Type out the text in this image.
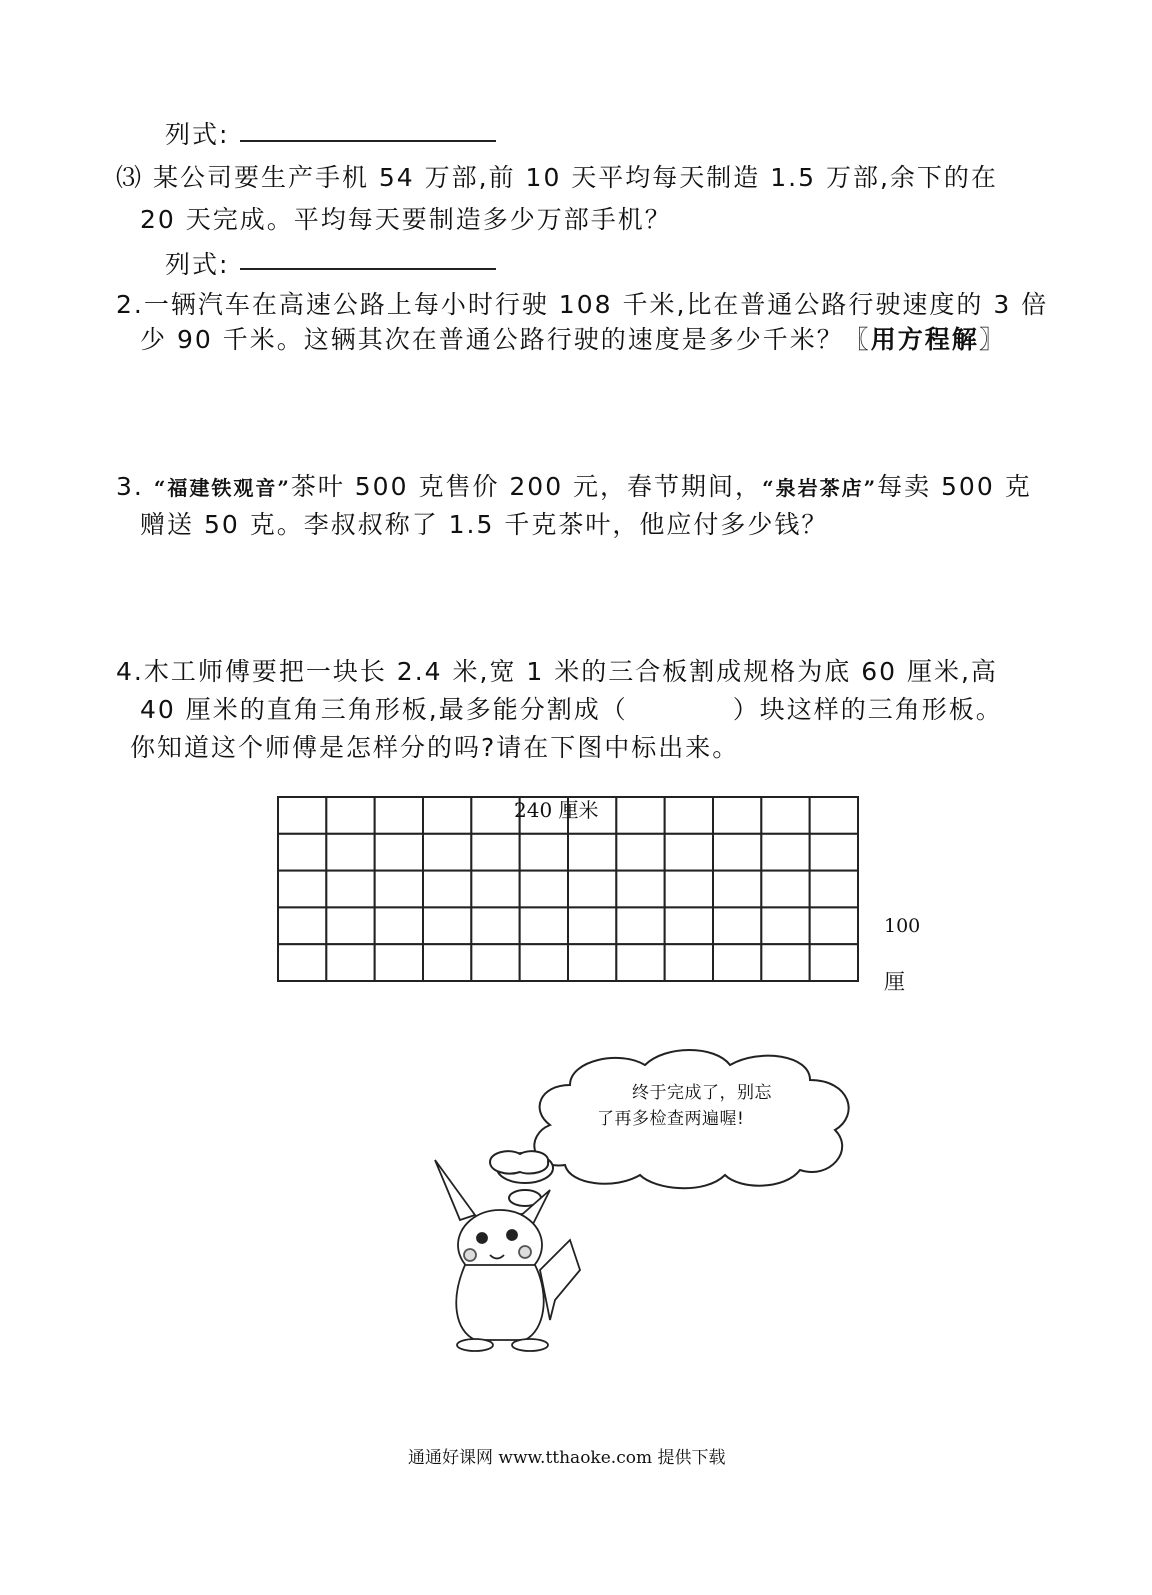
列式:
⑶ 某公司要生产手机 54 万部,前 10 天平均每天制造 1.5 万部,余下的在
20 天完成。平均每天要制造多少万部手机？
列式:
2.一辆汽车在高速公路上每小时行驶 108 千米,比在普通公路行驶速度的 3 倍
少 90 千米。这辆其次在普通公路行驶的速度是多少千米？〖用方程解〗
3. “福建铁观音”茶叶 500 克售价 200 元，春节期间，“泉岩茶店”每卖 500 克
赠送 50 克。李叔叔称了 1.5 千克茶叶，他应付多少钱？
4.木工师傅要把一块长 2.4 米,宽 1 米的三合板割成规格为底 60 厘米,高
40 厘米的直角三角形板,最多能分割成（	）块这样的三角形板。
你知道这个师傅是怎样分的吗?请在下图中标出来。
240 厘米
100
厘
终于完成了，别忘
了再多检查两遍喔!
通通好课网 www.tthaoke.com 提供下载
